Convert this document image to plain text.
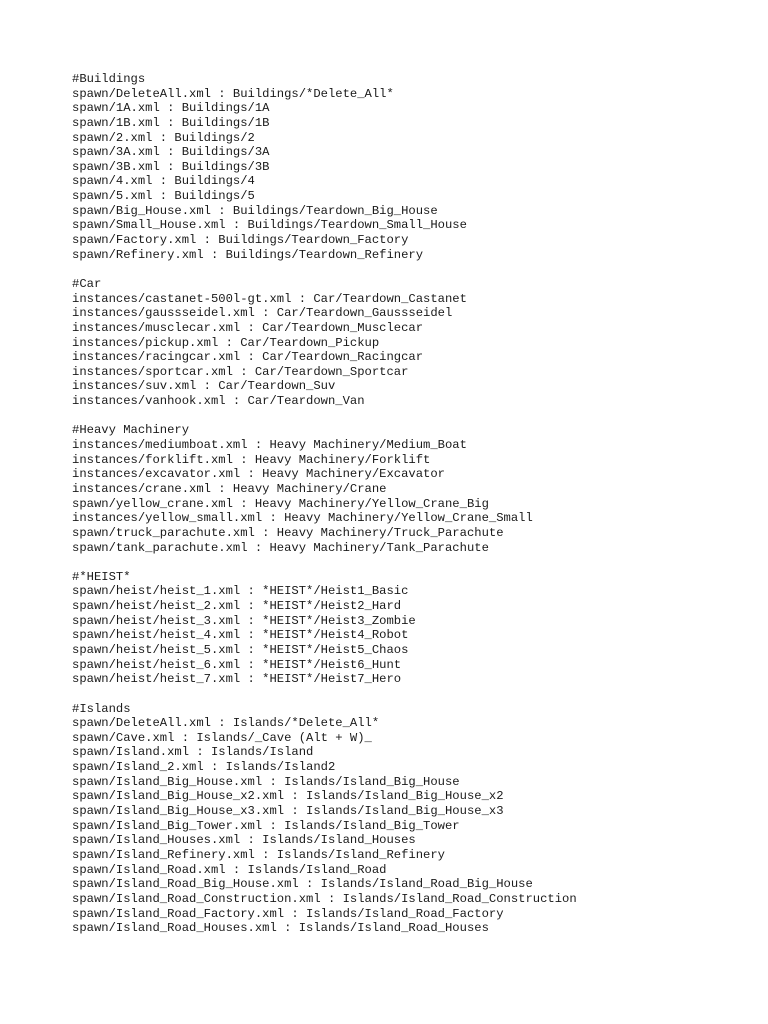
#Buildings
spawn/DeleteAll.xml : Buildings/*Delete_All*
spawn/1A.xml : Buildings/1A
spawn/1B.xml : Buildings/1B
spawn/2.xml : Buildings/2
spawn/3A.xml : Buildings/3A
spawn/3B.xml : Buildings/3B
spawn/4.xml : Buildings/4
spawn/5.xml : Buildings/5
spawn/Big_House.xml : Buildings/Teardown_Big_House
spawn/Small_House.xml : Buildings/Teardown_Small_House
spawn/Factory.xml : Buildings/Teardown_Factory
spawn/Refinery.xml : Buildings/Teardown_Refinery
#Car
instances/castanet-500l-gt.xml : Car/Teardown_Castanet
instances/gaussseidel.xml : Car/Teardown_Gaussseidel
instances/musclecar.xml : Car/Teardown_Musclecar
instances/pickup.xml : Car/Teardown_Pickup
instances/racingcar.xml : Car/Teardown_Racingcar
instances/sportcar.xml : Car/Teardown_Sportcar
instances/suv.xml : Car/Teardown_Suv
instances/vanhook.xml : Car/Teardown_Van
#Heavy Machinery
instances/mediumboat.xml : Heavy Machinery/Medium_Boat
instances/forklift.xml : Heavy Machinery/Forklift
instances/excavator.xml : Heavy Machinery/Excavator
instances/crane.xml : Heavy Machinery/Crane
spawn/yellow_crane.xml : Heavy Machinery/Yellow_Crane_Big
instances/yellow_small.xml : Heavy Machinery/Yellow_Crane_Small
spawn/truck_parachute.xml : Heavy Machinery/Truck_Parachute
spawn/tank_parachute.xml : Heavy Machinery/Tank_Parachute
#*HEIST*
spawn/heist/heist_1.xml : *HEIST*/Heist1_Basic
spawn/heist/heist_2.xml : *HEIST*/Heist2_Hard
spawn/heist/heist_3.xml : *HEIST*/Heist3_Zombie
spawn/heist/heist_4.xml : *HEIST*/Heist4_Robot
spawn/heist/heist_5.xml : *HEIST*/Heist5_Chaos
spawn/heist/heist_6.xml : *HEIST*/Heist6_Hunt
spawn/heist/heist_7.xml : *HEIST*/Heist7_Hero
#Islands
spawn/DeleteAll.xml : Islands/*Delete_All*
spawn/Cave.xml : Islands/_Cave (Alt + W)_
spawn/Island.xml : Islands/Island
spawn/Island_2.xml : Islands/Island2
spawn/Island_Big_House.xml : Islands/Island_Big_House
spawn/Island_Big_House_x2.xml : Islands/Island_Big_House_x2
spawn/Island_Big_House_x3.xml : Islands/Island_Big_House_x3
spawn/Island_Big_Tower.xml : Islands/Island_Big_Tower
spawn/Island_Houses.xml : Islands/Island_Houses
spawn/Island_Refinery.xml : Islands/Island_Refinery
spawn/Island_Road.xml : Islands/Island_Road
spawn/Island_Road_Big_House.xml : Islands/Island_Road_Big_House
spawn/Island_Road_Construction.xml : Islands/Island_Road_Construction
spawn/Island_Road_Factory.xml : Islands/Island_Road_Factory
spawn/Island_Road_Houses.xml : Islands/Island_Road_Houses
